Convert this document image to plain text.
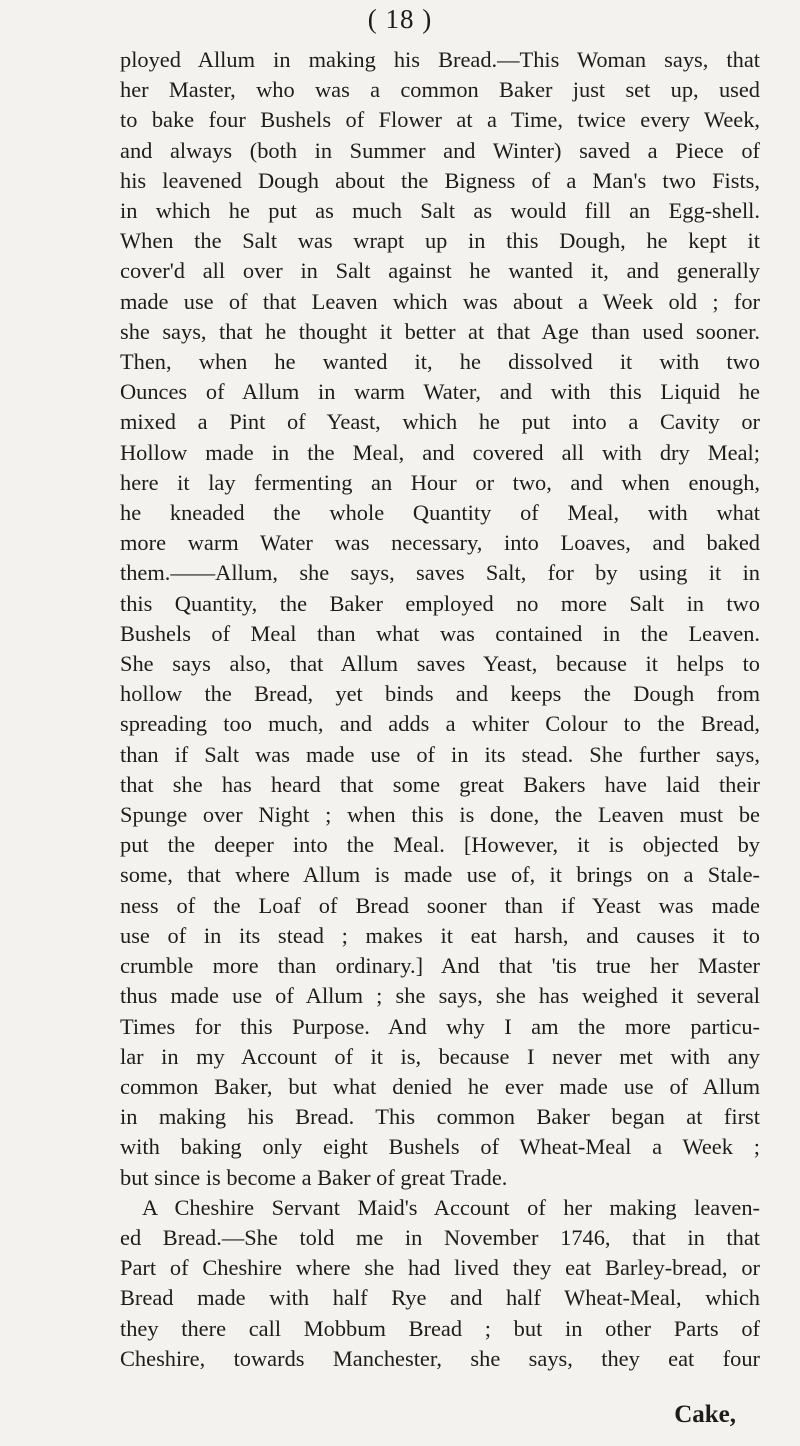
( 18 )
ployed Allum in making his Bread.—This Woman says, that
her Master, who was a common Baker just set up, used
to bake four Bushels of Flower at a Time, twice every Week,
and always (both in Summer and Winter) saved a Piece of
his leavened Dough about the Bigness of a Man's two Fists,
in which he put as much Salt as would fill an Egg-shell.
When the Salt was wrapt up in this Dough, he kept it
cover'd all over in Salt against he wanted it, and generally
made use of that Leaven which was about a Week old ; for
she says, that he thought it better at that Age than used sooner.
Then, when he wanted it, he dissolved it with two
Ounces of Allum in warm Water, and with this Liquid he
mixed a Pint of Yeast, which he put into a Cavity or
Hollow made in the Meal, and covered all with dry Meal;
here it lay fermenting an Hour or two, and when enough,
he kneaded the whole Quantity of Meal, with what
more warm Water was necessary, into Loaves, and baked
them.——Allum, she says, saves Salt, for by using it in
this Quantity, the Baker employed no more Salt in two
Bushels of Meal than what was contained in the Leaven.
She says also, that Allum saves Yeast, because it helps to
hollow the Bread, yet binds and keeps the Dough from
spreading too much, and adds a whiter Colour to the Bread,
than if Salt was made use of in its stead. She further says,
that she has heard that some great Bakers have laid their
Spunge over Night ; when this is done, the Leaven must be
put the deeper into the Meal. [However, it is objected by
some, that where Allum is made use of, it brings on a Stale-
ness of the Loaf of Bread sooner than if Yeast was made
use of in its stead ; makes it eat harsh, and causes it to
crumble more than ordinary.] And that 'tis true her Master
thus made use of Allum ; she says, she has weighed it several
Times for this Purpose. And why I am the more particu-
lar in my Account of it is, because I never met with any
common Baker, but what denied he ever made use of Allum
in making his Bread. This common Baker began at first
with baking only eight Bushels of Wheat-Meal a Week ;
but since is become a Baker of great Trade.
A Cheshire Servant Maid's Account of her making leaven-
ed Bread.—She told me in November 1746, that in that
Part of Cheshire where she had lived they eat Barley-bread, or
Bread made with half Rye and half Wheat-Meal, which
they there call Mobbum Bread ; but in other Parts of
Cheshire, towards Manchester, she says, they eat four
Cake,
